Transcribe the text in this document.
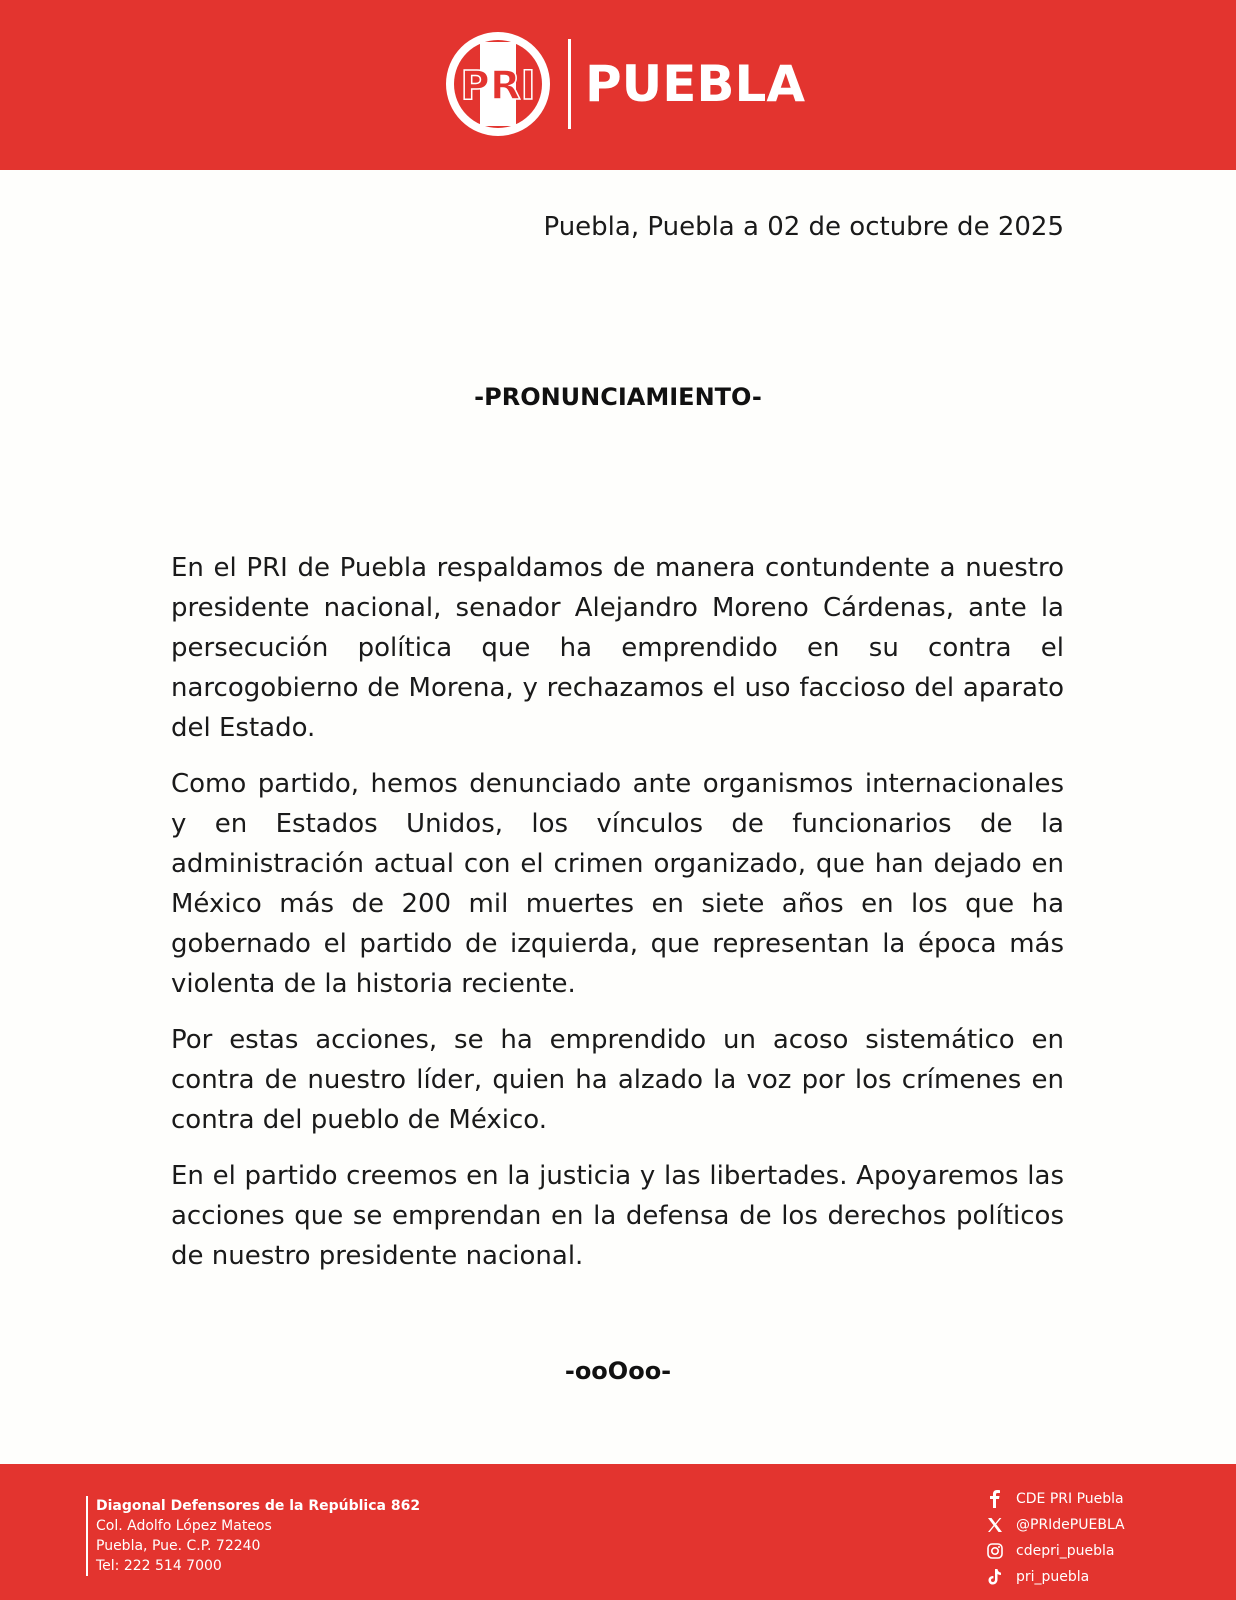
PRI PUEBLA
Puebla, Puebla a 02 de octubre de 2025
-PRONUNCIAMIENTO-

En el PRI de Puebla respaldamos de manera contundente a nuestro presidente nacional, senador Alejandro Moreno Cárdenas, ante la persecución política que ha emprendido en su contra el narcogobierno de Morena, y rechazamos el uso faccioso del aparato del Estado.

Como partido, hemos denunciado ante organismos internacionales y en Estados Unidos, los vínculos de funcionarios de la administración actual con el crimen organizado, que han dejado en México más de 200 mil muertes en siete años en los que ha gobernado el partido de izquierda, que representan la época más violenta de la historia reciente.

Por estas acciones, se ha emprendido un acoso sistemático en contra de nuestro líder, quien ha alzado la voz por los crímenes en contra del pueblo de México.

En el partido creemos en la justicia y las libertades. Apoyaremos las acciones que se emprendan en la defensa de los derechos políticos de nuestro presidente nacional.

-ooOoo-
Diagonal Defensores de la República 862
Col. Adolfo López Mateos
Puebla, Pue. C.P. 72240
Tel: 222 514 7000
CDE PRI Puebla
@PRIdePUEBLA
cdepri_puebla
pri_puebla
